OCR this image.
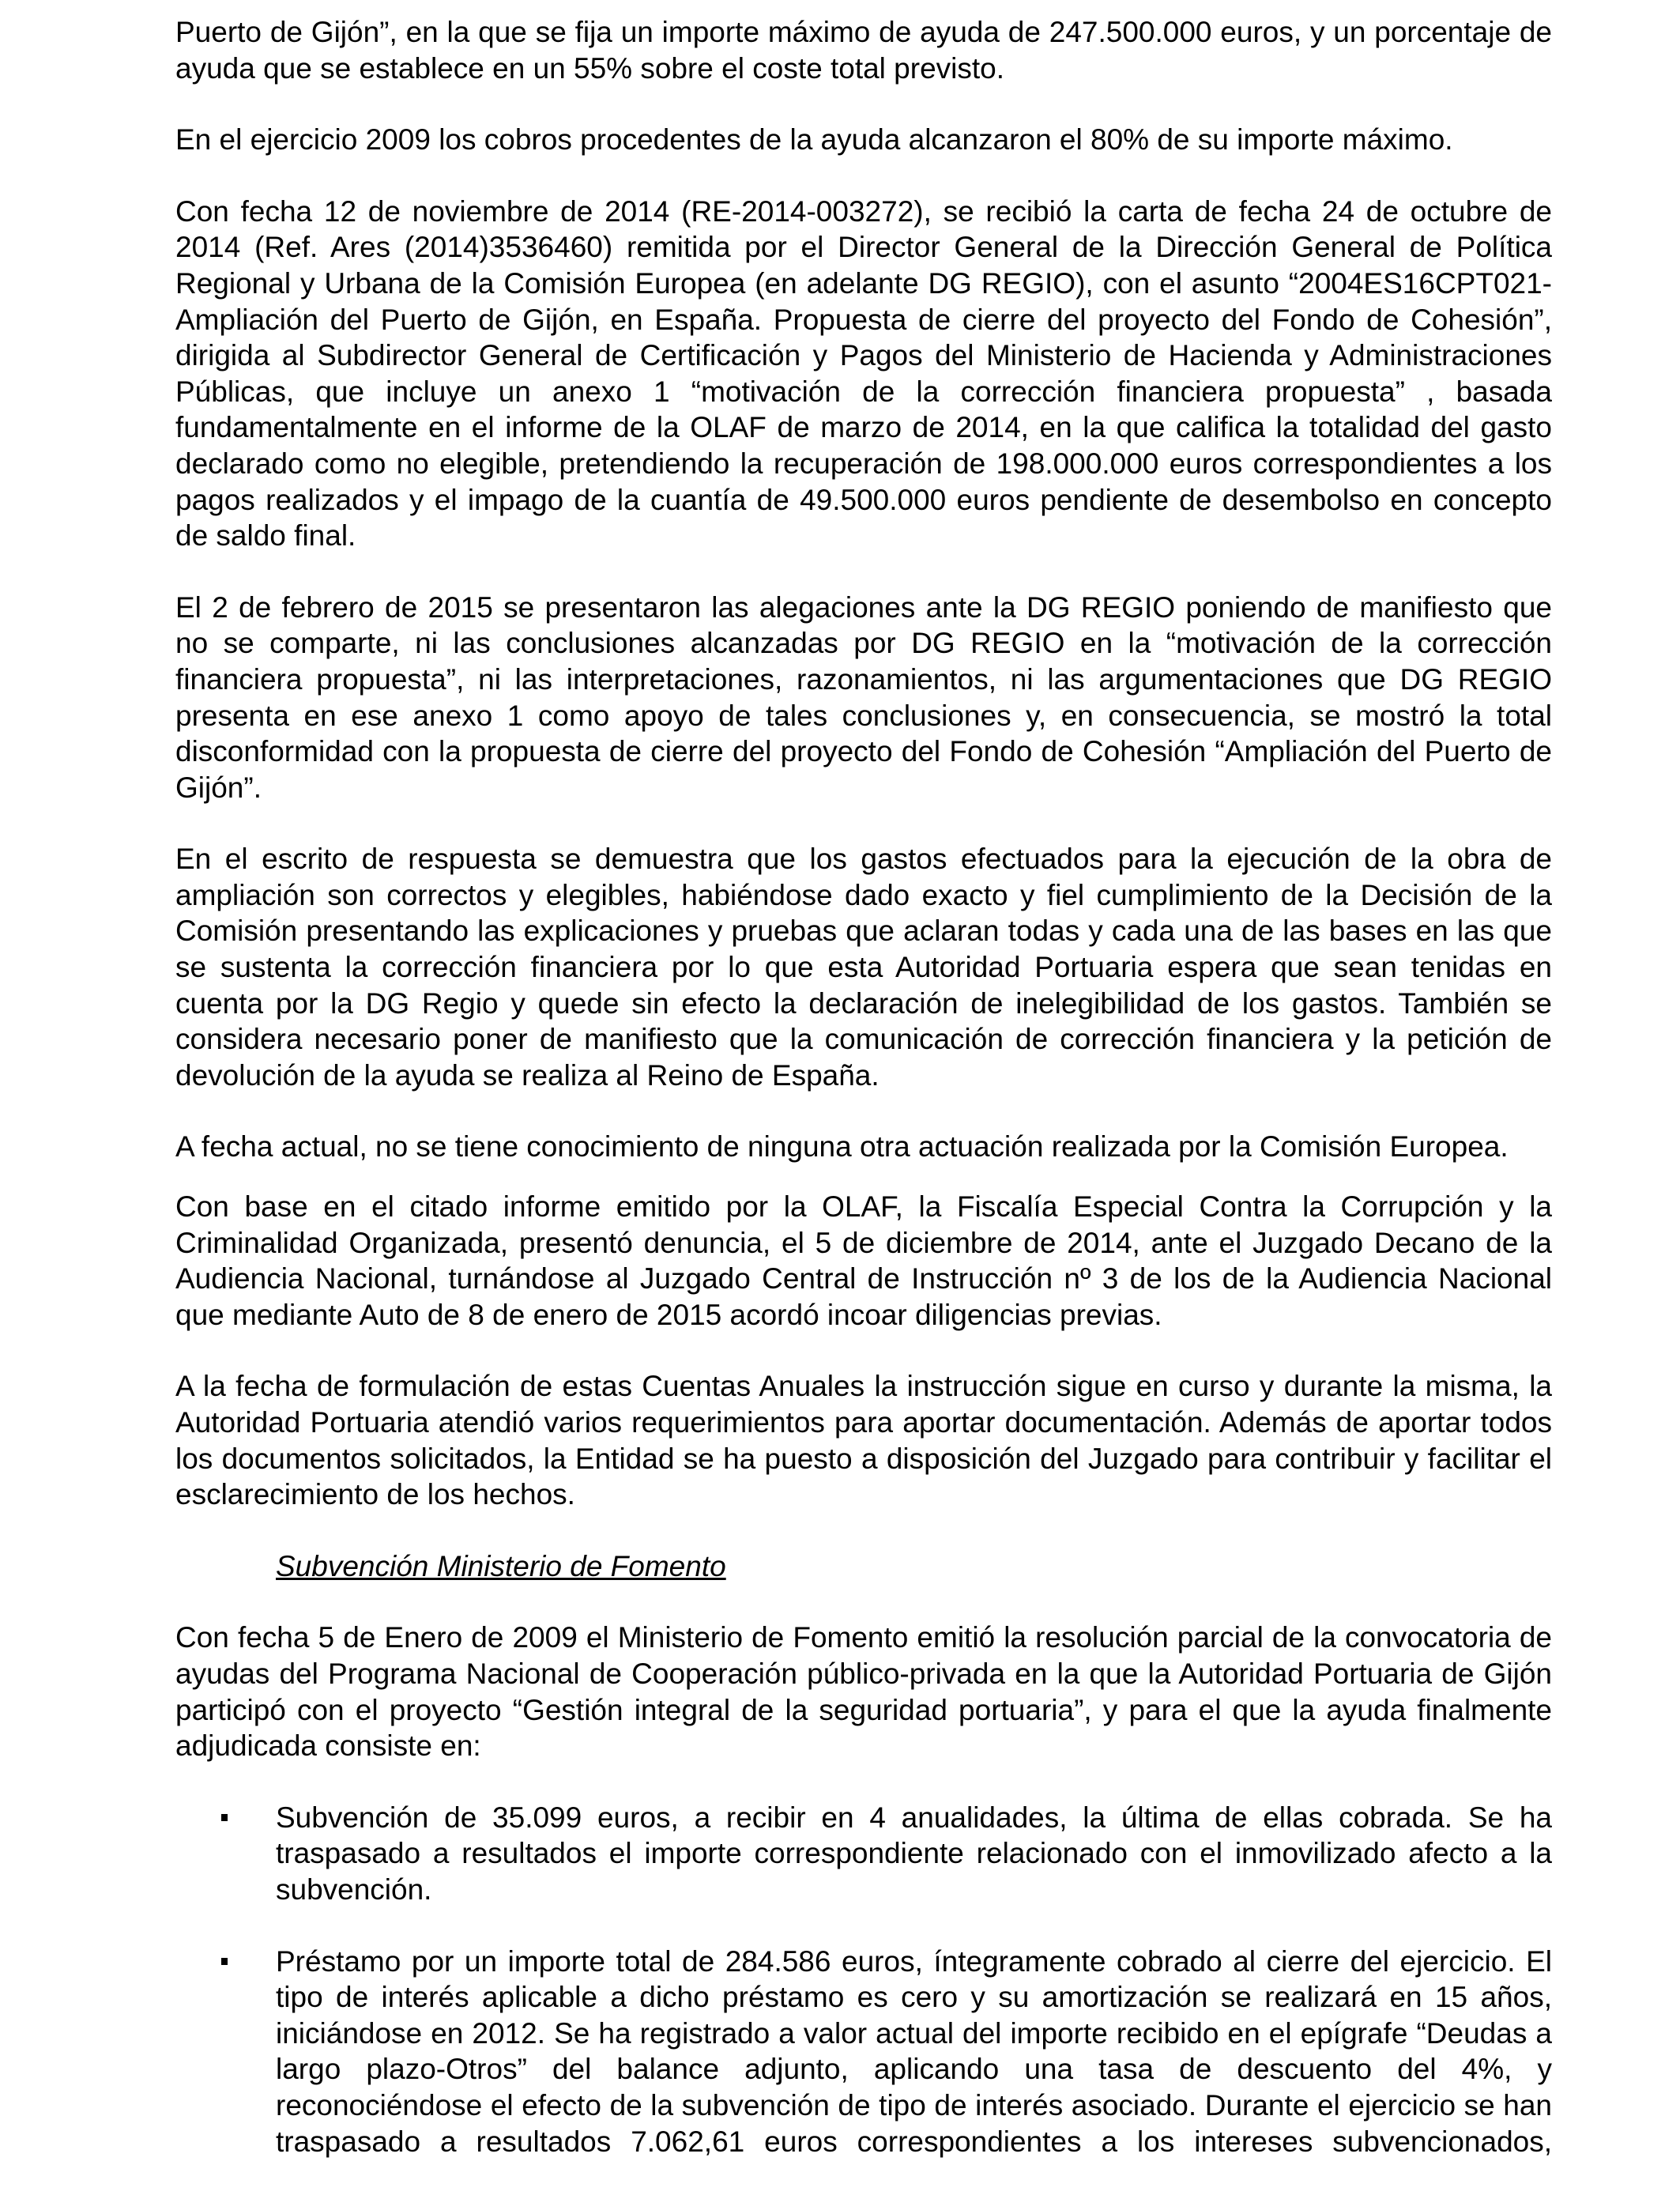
Puerto de Gijón”, en la que se fija un importe máximo de ayuda de 247.500.000 euros, y un porcentaje de ayuda que se establece en un 55% sobre el coste total previsto.

En el ejercicio 2009 los cobros procedentes de la ayuda alcanzaron el 80% de su importe máximo.

Con fecha 12 de noviembre de 2014 (RE-2014-003272), se recibió la carta de fecha 24 de octubre de 2014 (Ref. Ares (2014)3536460) remitida por el Director General de la Dirección General de Política Regional y Urbana de la Comisión Europea (en adelante DG REGIO), con el asunto “2004ES16CPT021-Ampliación del Puerto de Gijón, en España. Propuesta de cierre del proyecto del Fondo de Cohesión”, dirigida al Subdirector General de Certificación y Pagos del Ministerio de Hacienda y Administraciones Públicas, que incluye un anexo 1 “motivación de la corrección financiera propuesta” , basada fundamentalmente en el informe de la OLAF de marzo de 2014, en la que califica la totalidad del gasto declarado como no elegible, pretendiendo la recuperación de 198.000.000 euros correspondientes a los pagos realizados y el impago de la cuantía de 49.500.000 euros pendiente de desembolso en concepto de saldo final.

El 2 de febrero de 2015 se presentaron las alegaciones ante la DG REGIO poniendo de manifiesto que no se comparte, ni las conclusiones alcanzadas por DG REGIO en la “motivación de la corrección financiera propuesta”, ni las interpretaciones, razonamientos, ni las argumentaciones que DG REGIO presenta en ese anexo 1 como apoyo de tales conclusiones y, en consecuencia, se mostró la total disconformidad con la propuesta de cierre del proyecto del Fondo de Cohesión “Ampliación del Puerto de Gijón”.

En el escrito de respuesta se demuestra que los gastos efectuados para la ejecución de la obra de ampliación son correctos y elegibles, habiéndose dado exacto y fiel cumplimiento de la Decisión de la Comisión presentando las explicaciones y pruebas que aclaran todas y cada una de las bases en las que se sustenta la corrección financiera por lo que esta Autoridad Portuaria espera que sean tenidas en cuenta por la DG Regio y quede sin efecto la declaración de inelegibilidad de los gastos. También se considera necesario poner de manifiesto que la comunicación de corrección financiera y la petición de devolución de la ayuda se realiza al Reino de España.

A fecha actual, no se tiene conocimiento de ninguna otra actuación realizada por la Comisión Europea.

Con base en el citado informe emitido por la OLAF, la Fiscalía Especial Contra la Corrupción y la Criminalidad Organizada, presentó denuncia, el 5 de diciembre de 2014, ante el Juzgado Decano de la Audiencia Nacional, turnándose al Juzgado Central de Instrucción nº 3 de los de la Audiencia Nacional que mediante Auto de 8 de enero de 2015 acordó incoar diligencias previas.

A la fecha de formulación de estas Cuentas Anuales la instrucción sigue en curso y durante la misma, la Autoridad Portuaria atendió varios requerimientos para aportar documentación. Además de aportar todos los documentos solicitados, la Entidad se ha puesto a disposición del Juzgado para contribuir y facilitar el esclarecimiento de los hechos.

Subvención Ministerio de Fomento

Con fecha 5 de Enero de 2009 el Ministerio de Fomento emitió la resolución parcial de la convocatoria de ayudas del Programa Nacional de Cooperación público-privada en la que la Autoridad Portuaria de Gijón participó con el proyecto “Gestión integral de la seguridad portuaria”, y para el que la ayuda finalmente adjudicada consiste en:

Subvención de 35.099 euros, a recibir en 4 anualidades, la última de ellas cobrada. Se ha traspasado a resultados el importe correspondiente relacionado con el inmovilizado afecto a la subvención.
Préstamo por un importe total de 284.586 euros, íntegramente cobrado al cierre del ejercicio. El tipo de interés aplicable a dicho préstamo es cero y su amortización se realizará en 15 años, iniciándose en 2012. Se ha registrado a valor actual del importe recibido en el epígrafe “Deudas a largo plazo-Otros” del balance adjunto, aplicando una tasa de descuento del 4%, y reconociéndose el efecto de la subvención de tipo de interés asociado. Durante el ejercicio se han traspasado a resultados 7.062,61 euros correspondientes a los intereses subvencionados,
